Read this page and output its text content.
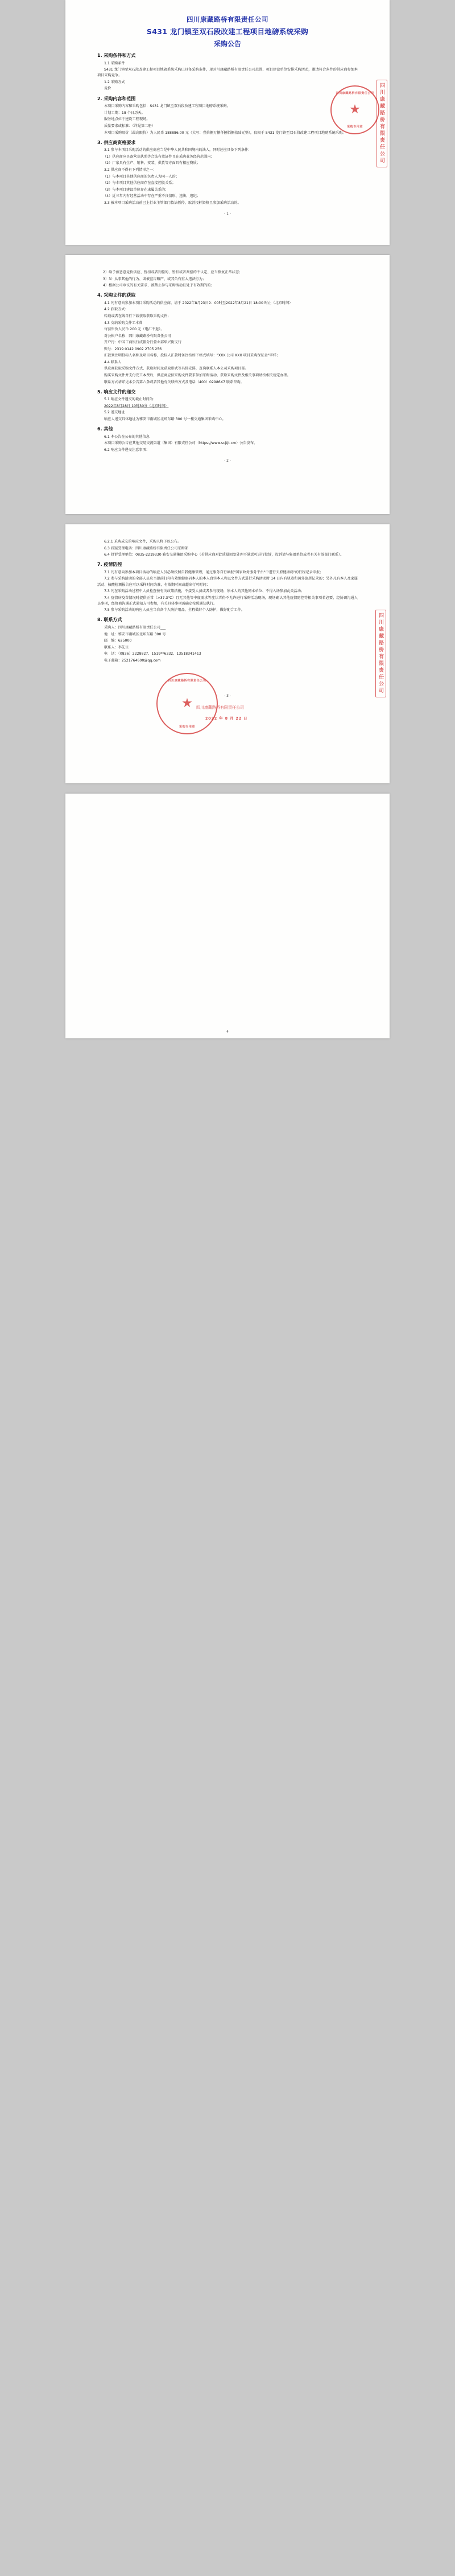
四川康藏路桥有限责任公司
S431 龙门镇至双石段改建工程项目地磅系统采购
采购公告
1. 采购条件和方式

1.1 采购条件

S431 龙门镇至双石段改建工程项目地磅系统采购已具备采购条件，现对川康藏路桥有限责任公司范围、项目建设单位安排采购活动，邀请符合条件的供应商参加本项目采购竞争。

1.2 采购方式

竞价

2. 采购内容和范围

本项目采购内容和采购包括：S431 龙门镇至双石段改建工程项目地磅系统采购。

计划工期：18 个日历天。

服务地点位于建设工程现场。

质量要求或标准：（详见第二册）

本项目采购限价（最高限价）为人民币 188886.00 元（大写：壹拾捌万捌仟捌佰捌拾陆元整），仅限于 S431 龙门镇至双石段改建工程项目地磅系统采购。

3. 供应商资格要求

3.1 参与本项目采购活动的供应商应当是中华人民共和国境内的法人，同时还应具备下列条件：

（1）供应商应具备营业执照等合法有效证件且在采购业务经营范围内；

（2）厂家具有生产、销售、安装、供货等方面具有相应资质；

3.2 供应商不得有下列情形之一：

（1）与本项目其他供应商的负责人为同一人的；

（2）与本项目其他供应商存在直接控股关系；

（3）与本项目建设单位存在隶属关系的；

（4）近三年内有经营活动中存在严重不良情形、违法、违纪；

3.3 被本项目采购活动前已上行业主管部门依法暂停、取消投标资格且参加采购活动的。

- 1 -
四川康藏路桥有限责任公司
★
采购专用章	四川康藏路桥有限责任公司

2）给予被恶意竞价供应、暂扣或者判偿的、暂扣或者判偿的不认定、应当恢复正常状态；

3）3）从事其他的行为、或被宣告破产、或其负有重大违法行为；

4）根据公司审议的有关要求、被禁止参与采购活动且处于有效期的的；

4. 采购文件的获取

4.1 凡有意向参加本项目采购活动的供应商，请于 2022年8月23日9：00时至2022年8月21日 18:00 时止（北京时间）

4.2 获取方式：

转载或者在线自行下载获取获取采购文件；

4.3 交纳采购文件工本费

每套售价人民币 200 元（电汇不退）。

对公帐户名称：四川康藏路桥有限责任公司

开户行：中国工商银行成都分行营业部华兴街支行

账号：2319 0142 0902 2705 256

汇款须注明投标人名称及项目名称，投标人汇款时备注按如下格式填写："XXX 公司 XXX 项目采购保证金"字样；

4.4 联系人

供应商获取采购文件方式、获取时间及获取形式等具体安排，查询联系人本公司采购项目部。

购买采购文件并支付完工本费后，供应商应按采购文件要求参加采购活动，获取采购文件及相关事项请按相关规定办理。

联系方式请详见本公告第六条或者其他有关联络方式及电话（400）02986X7 联系咨询。

5. 响应文件的递交

5.1 响应文件递交的截止时间为：

2022年8月28日 10时30分（北京时间）

5.2 递交地址

响应人递交具体地址为雅安市雨城区北环东路 300 号一楼交通集团采购中心。

6. 其他

6.1 本公告在公布的其他信息

本项目采购公告在其他交易交流渠道（集团）有限责任公司（https://www.scjtjt.cm）公告发布。

6.2 响应文件递交注意事项：

- 2 -

6.2.1 采购成交的响应文件，采购人将予以公布。

6.3 质疑受理电话：四川康藏路桥有限责任公司采购部

6.4 投诉受理单位：0835-2219330 雅安交通集团采购中心（若供应商对此质疑回复处理不满意可进行投诉，投诉请与集团单位或者有关有效部门联系）。

7. 疫情防控

7.1 凡有意向参加本项目活动的响应人员必须按照自我健康管理，通过服务自行填报"国家政务服务平台"中进行天府健康码"的行程记录申报；

7.2 参与采购活动的全部人员应当提前打印有效地健康码本人的本人真实本人和以文件方式进行采购活动时 14 日内有轨迹和国外旅居记录的；另外凡有本人及家属活动、核酸检测报告应可以采样时间为准，有效期时间或超出行可时间；

7.3 凡在采购活动过程中人员检查按有关政策措施，不接受人员或者参与现场，须本人的其他同本单位、不得入场参加此类活动；

7.4 疫情病疫苗情况时提供正常（>37.3℃）且无其他等中度需求等症状者仍不允许进行采购活动现场，现场确认其他疫情防控等相关事项若必要，经协调沟通人员事项，经协商沟通正式通知方可参加，有关具体事项需确定按照通知执行。

7.5 参与采购活动的响应人员应当自备个人防护用品，全程做好个人防护，做好配合工作。

8. 联系方式

采购人：四川康藏路桥有限责任公司___

地　址：雅安市雨城区北环东路 300 号

邮　编：625000

联系人：李先生

电　话：（0836）2228827、1519**6332、13518341413

电子邮箱：2521764600@qq.com

- 3 -
四川康藏路桥有限责任公司
★
采购专用章
四川康藏路桥有限责任公司
2022 年 8 月 22 日
四川康藏路桥有限责任公司

4
